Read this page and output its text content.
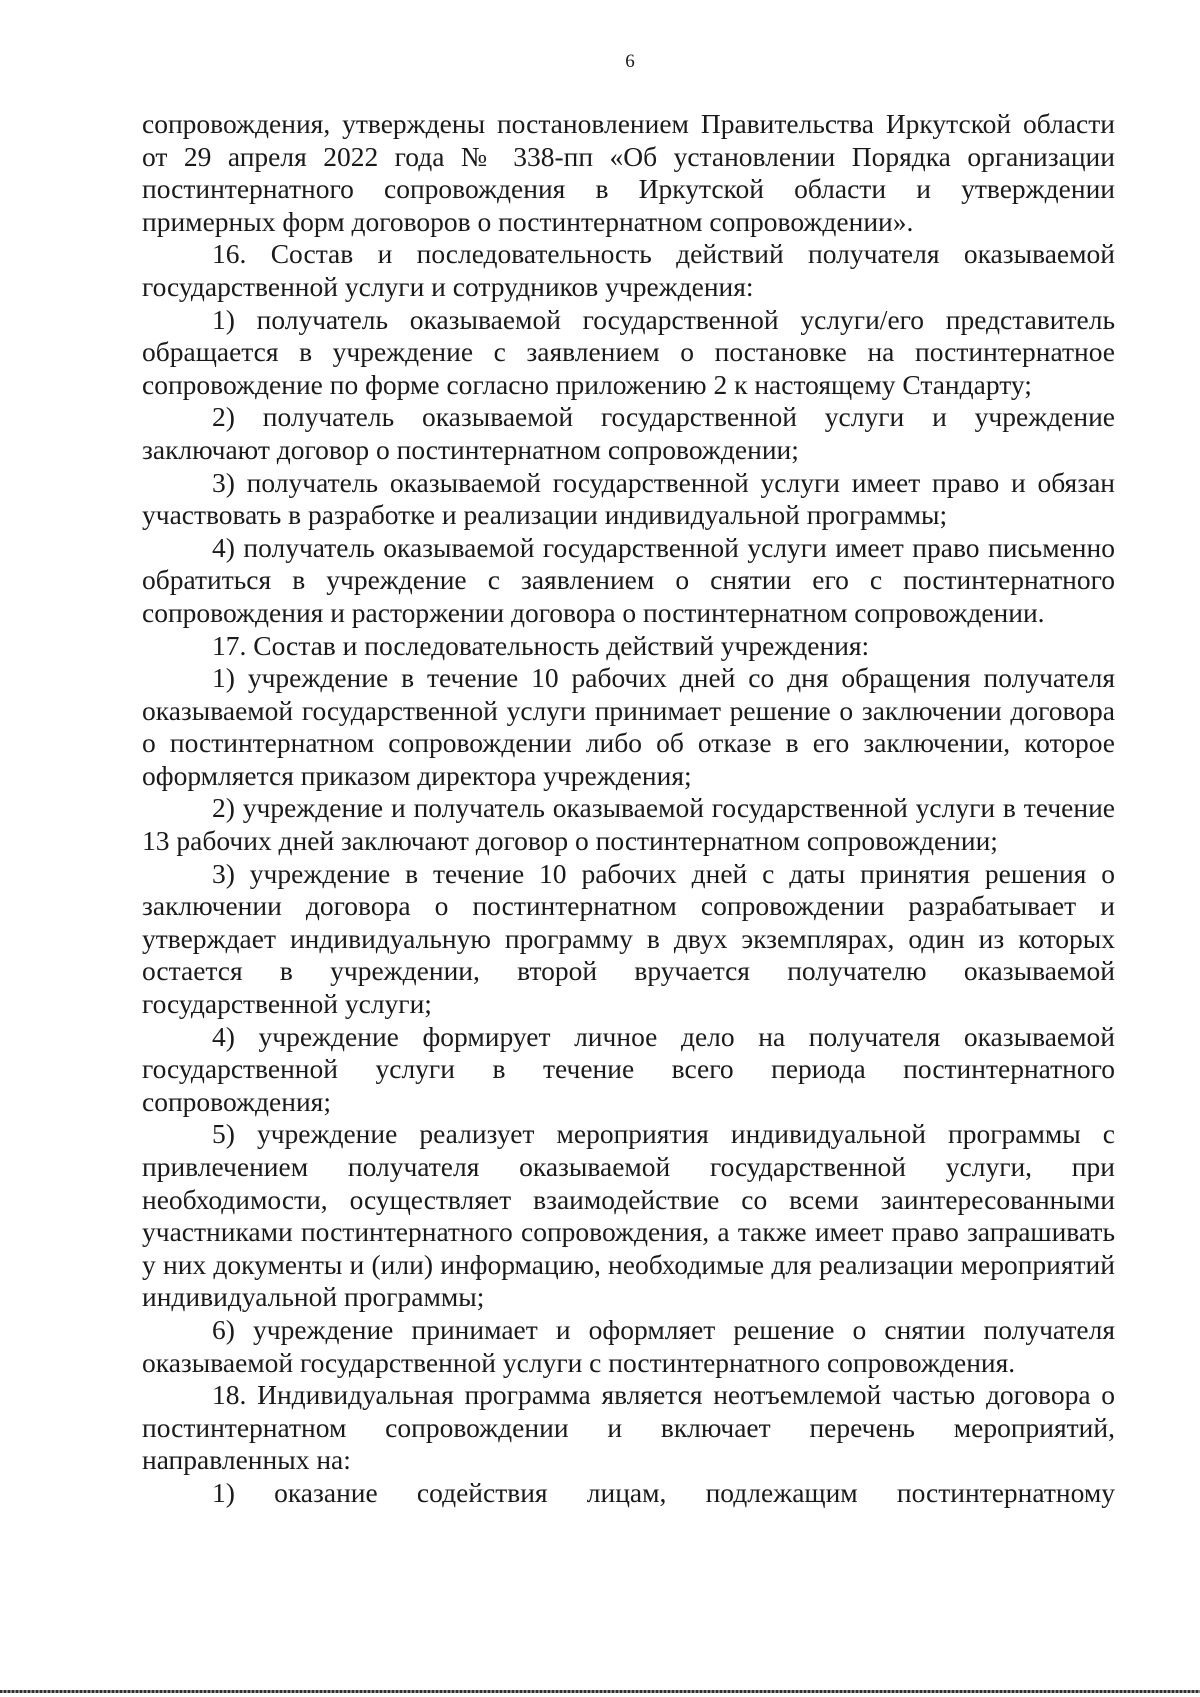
6

сопровождения, утверждены постановлением Правительства Иркутской области от 29 апреля 2022 года № 338-пп «Об установлении Порядка организации постинтернатного сопровождения в Иркутской области и утверждении примерных форм договоров о постинтернатном сопровождении».

16. Состав и последовательность действий получателя оказываемой государственной услуги и сотрудников учреждения:

1) получатель оказываемой государственной услуги/его представитель обращается в учреждение с заявлением о постановке на постинтернатное сопровождение по форме согласно приложению 2 к настоящему Стандарту;

2) получатель оказываемой государственной услуги и учреждение заключают договор о постинтернатном сопровождении;

3) получатель оказываемой государственной услуги имеет право и обязан участвовать в разработке и реализации индивидуальной программы;

4) получатель оказываемой государственной услуги имеет право письменно обратиться в учреждение с заявлением о снятии его с постинтернатного сопровождения и расторжении договора о постинтернатном сопровождении.

17. Состав и последовательность действий учреждения:

1) учреждение в течение 10 рабочих дней со дня обращения получателя оказываемой государственной услуги принимает решение о заключении договора о постинтернатном сопровождении либо об отказе в его заключении, которое оформляется приказом директора учреждения;

2) учреждение и получатель оказываемой государственной услуги в течение 13 рабочих дней заключают договор о постинтернатном сопровождении;

3) учреждение в течение 10 рабочих дней с даты принятия решения о заключении договора о постинтернатном сопровождении разрабатывает и утверждает индивидуальную программу в двух экземплярах, один из которых остается в учреждении, второй вручается получателю оказываемой государственной услуги;

4) учреждение формирует личное дело на получателя оказываемой государственной услуги в течение всего периода постинтернатного сопровождения;

5) учреждение реализует мероприятия индивидуальной программы с привлечением получателя оказываемой государственной услуги, при необходимости, осуществляет взаимодействие со всеми заинтересованными участниками постинтернатного сопровождения, а также имеет право запрашивать у них документы и (или) информацию, необходимые для реализации мероприятий индивидуальной программы;

6) учреждение принимает и оформляет решение о снятии получателя оказываемой государственной услуги с постинтернатного сопровождения.

18. Индивидуальная программа является неотъемлемой частью договора о постинтернатном сопровождении и включает перечень мероприятий, направленных на:

1) оказание содействия лицам, подлежащим постинтернатному
